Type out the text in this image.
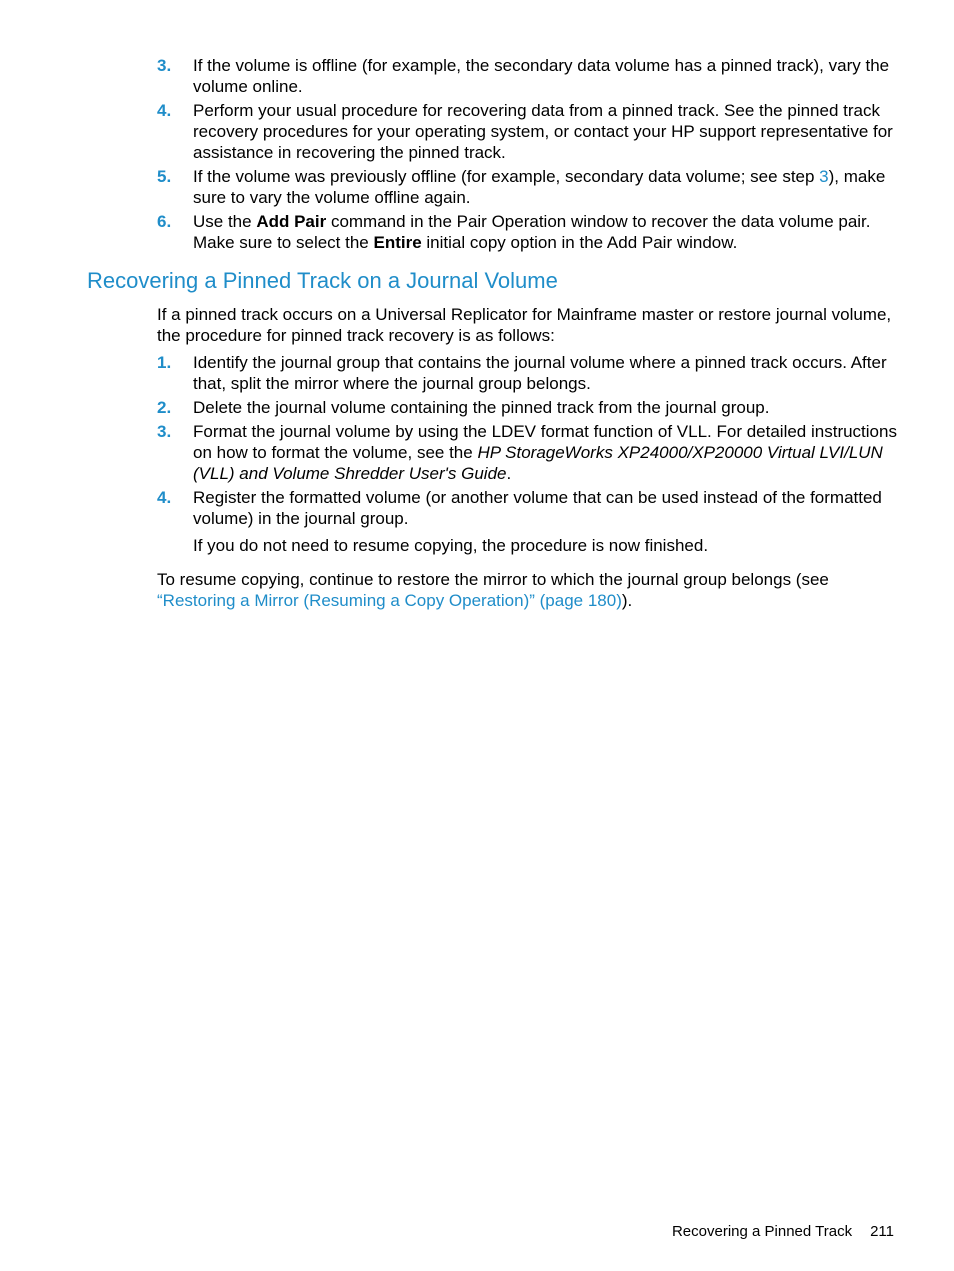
3. If the volume is offline (for example, the secondary data volume has a pinned track), vary the volume online.
4. Perform your usual procedure for recovering data from a pinned track. See the pinned track recovery procedures for your operating system, or contact your HP support representative for assistance in recovering the pinned track.
5. If the volume was previously offline (for example, secondary data volume; see step 3), make sure to vary the volume offline again.
6. Use the Add Pair command in the Pair Operation window to recover the data volume pair. Make sure to select the Entire initial copy option in the Add Pair window.
Recovering a Pinned Track on a Journal Volume

If a pinned track occurs on a Universal Replicator for Mainframe master or restore journal volume, the procedure for pinned track recovery is as follows:

1. Identify the journal group that contains the journal volume where a pinned track occurs. After that, split the mirror where the journal group belongs.
2. Delete the journal volume containing the pinned track from the journal group.
3. Format the journal volume by using the LDEV format function of VLL. For detailed instructions on how to format the volume, see the HP StorageWorks XP24000/XP20000 Virtual LVI/LUN (VLL) and Volume Shredder User's Guide.
4. Register the formatted volume (or another volume that can be used instead of the formatted volume) in the journal group.

If you do not need to resume copying, the procedure is now finished.

To resume copying, continue to restore the mirror to which the journal group belongs (see “Restoring a Mirror (Resuming a Copy Operation)” (page 180)).

Recovering a Pinned Track 211
